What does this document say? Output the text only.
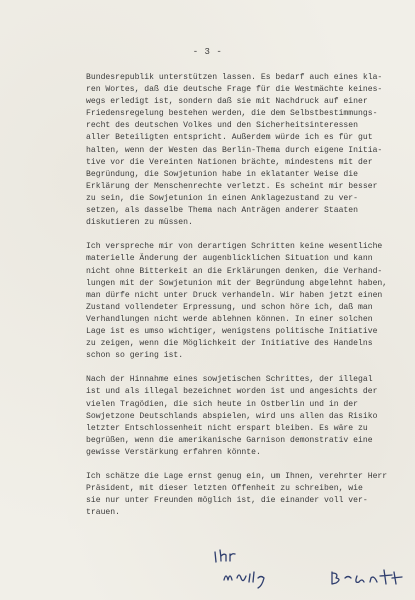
- 3 -

Bundesrepublik unterstützen lassen. Es bedarf auch eines kla-
ren Wortes, daß die deutsche Frage für die Westmächte keines-
wegs erledigt ist, sondern daß sie mit Nachdruck auf einer
Friedensregelung bestehen werden, die dem Selbstbestimmungs-
recht des deutschen Volkes und den Sicherheitsinteressen
aller Beteiligten entspricht. Außerdem würde ich es für gut
halten, wenn der Westen das Berlin-Thema durch eigene Initia-
tive vor die Vereinten Nationen brächte, mindestens mit der
Begründung, die Sowjetunion habe in eklatanter Weise die
Erklärung der Menschenrechte verletzt. Es scheint mir besser
zu sein, die Sowjetunion in einen Anklagezustand zu ver-
setzen, als dasselbe Thema nach Anträgen anderer Staaten
diskutieren zu müssen.

Ich verspreche mir von derartigen Schritten keine wesentliche
materielle Änderung der augenblicklichen Situation und kann
nicht ohne Bitterkeit an die Erklärungen denken, die Verhand-
lungen mit der Sowjetunion mit der Begründung abgelehnt haben,
man dürfe nicht unter Druck verhandeln. Wir haben jetzt einen
Zustand vollendeter Erpressung, und schon höre ich, daß man
Verhandlungen nicht werde ablehnen können. In einer solchen
Lage ist es umso wichtiger, wenigstens politische Initiative
zu zeigen, wenn die Möglichkeit der Initiative des Handelns
schon so gering ist.

Nach der Hinnahme eines sowjetischen Schrittes, der illegal
ist und als illegal bezeichnet worden ist und angesichts der
vielen Tragödien, die sich heute in Ostberlin und in der
Sowjetzone Deutschlands abspielen, wird uns allen das Risiko
letzter Entschlossenheit nicht erspart bleiben. Es wäre zu
begrüßen, wenn die amerikanische Garnison demonstrativ eine
gewisse Verstärkung erfahren könnte.

Ich schätze die Lage ernst genug ein, um Ihnen, verehrter Herr
Präsident, mit dieser letzten Offenheit zu schreiben, wie
sie nur unter Freunden möglich ist, die einander voll ver-
trauen.
